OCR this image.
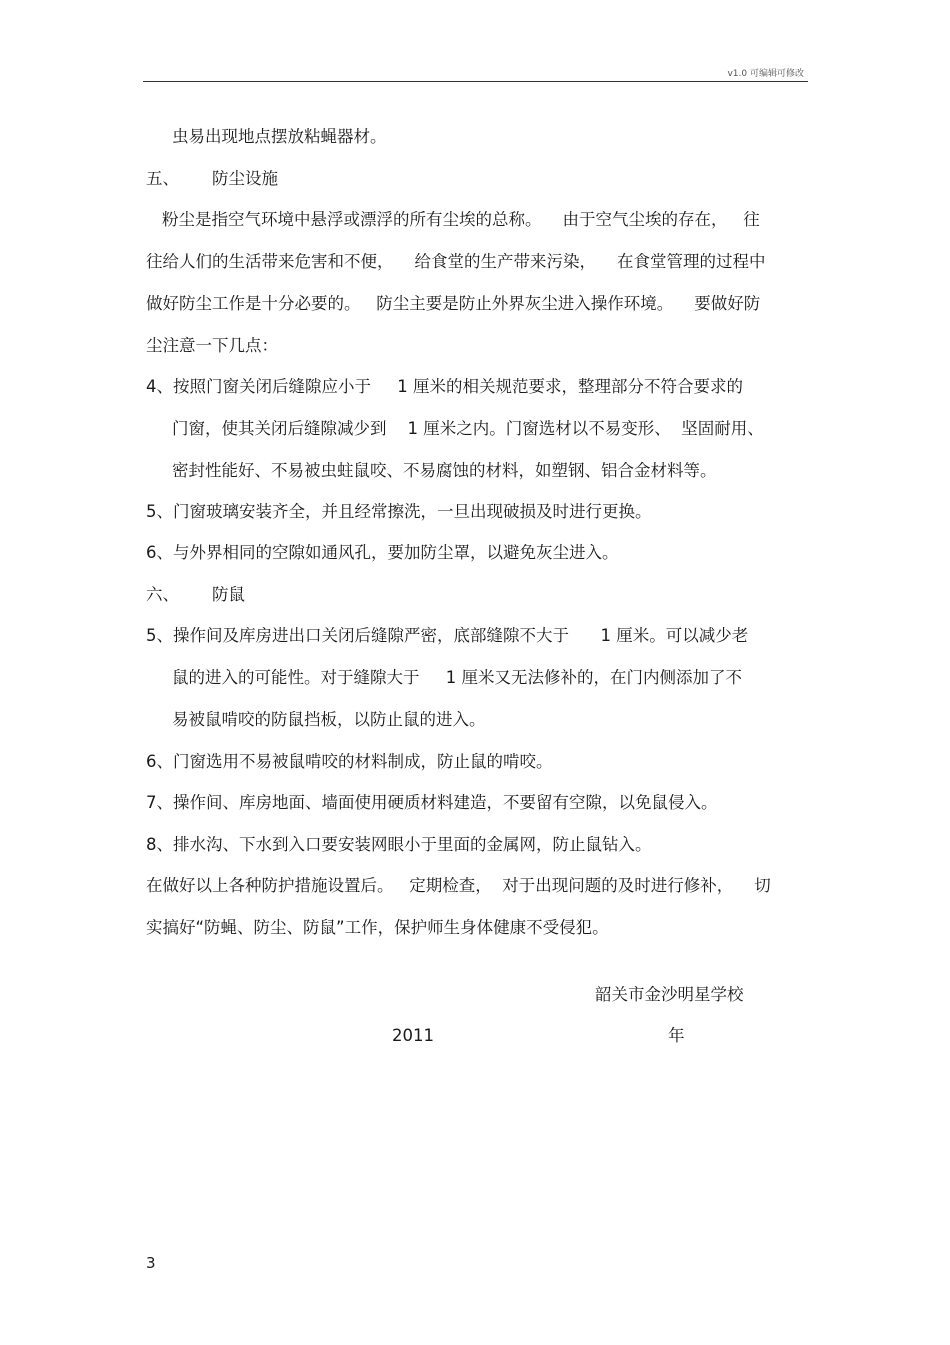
v1.0 可编辑可修改
虫易出现地点摆放粘蝇器材。
五、 防尘设施
粉尘是指空气环境中悬浮或漂浮的所有尘埃的总称。    由于空气尘埃的存在，   往
往给人们的生活带来危害和不便，    给食堂的生产带来污染，    在食堂管理的过程中
做好防尘工作是十分必要的。   防尘主要是防止外界灰尘进入操作环境。    要做好防
尘注意一下几点：
4、按照门窗关闭后缝隙应小于     1 厘米的相关规范要求，整理部分不符合要求的
门窗，使其关闭后缝隙减少到    1 厘米之内。门窗选材以不易变形、  坚固耐用、
密封性能好、不易被虫蛀鼠咬、不易腐蚀的材料，如塑钢、铝合金材料等。
5、门窗玻璃安装齐全，并且经常擦洗，一旦出现破损及时进行更换。
6、与外界相同的空隙如通风孔，要加防尘罩，以避免灰尘进入。
六、 防鼠
5、操作间及库房进出口关闭后缝隙严密，底部缝隙不大于      1 厘米。可以减少老
鼠的进入的可能性。对于缝隙大于     1 厘米又无法修补的，在门内侧添加了不
易被鼠啃咬的防鼠挡板，以防止鼠的进入。
6、门窗选用不易被鼠啃咬的材料制成，防止鼠的啃咬。
7、操作间、库房地面、墙面使用硬质材料建造，不要留有空隙，以免鼠侵入。
8、排水沟、下水到入口要安装网眼小于里面的金属网，防止鼠钻入。
在做好以上各种防护措施设置后。   定期检查，  对于出现问题的及时进行修补，    切
实搞好“防蝇、防尘、防鼠”工作，保护师生身体健康不受侵犯。
韶关市金沙明星学校
2011	年
3
